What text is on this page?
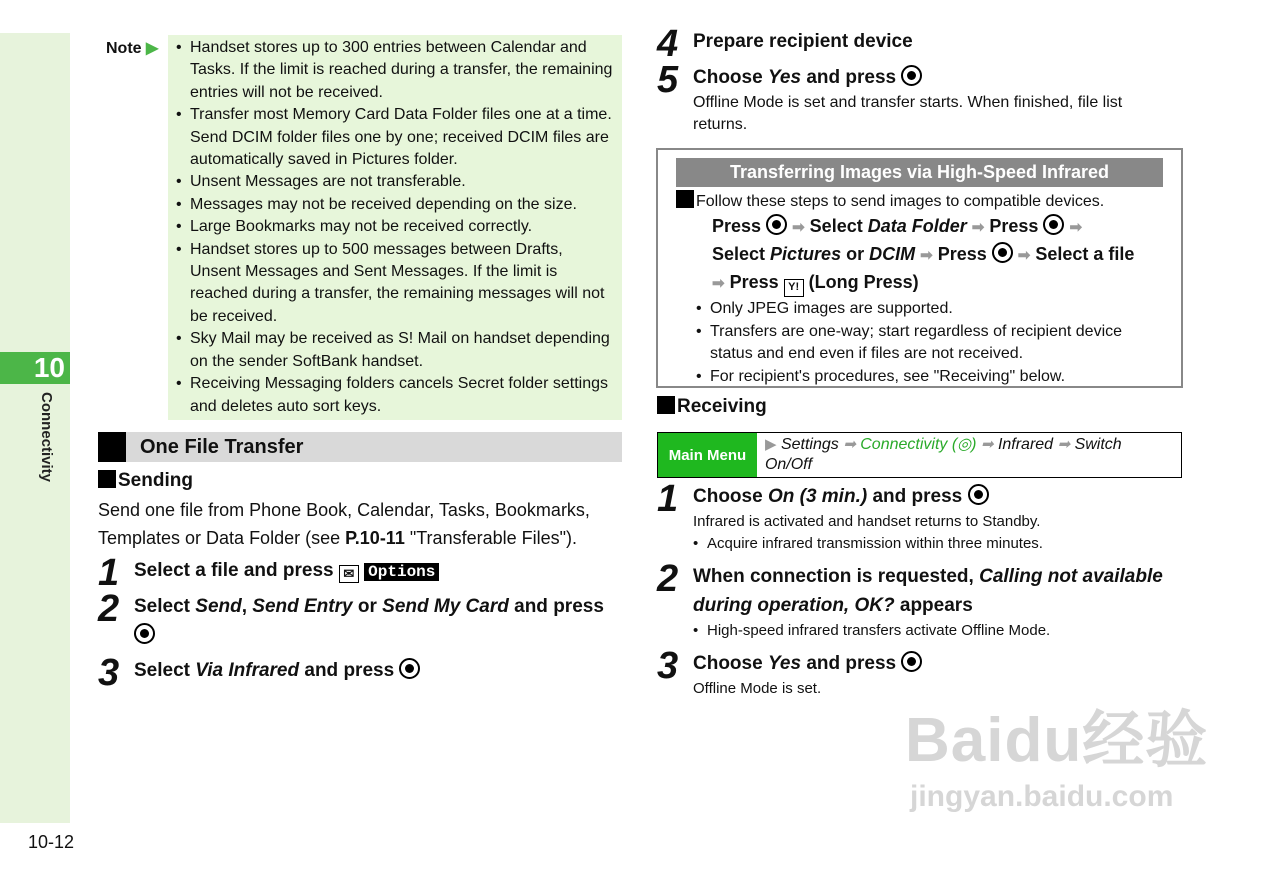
10
Connectivity
10-12
Note ▶	• Handset stores up to 300 entries between Calendar and Tasks. If the limit is reached during a transfer, the remaining entries will not be received.
• Transfer most Memory Card Data Folder files one at a time. Send DCIM folder files one by one; received DCIM files are automatically saved in Pictures folder.
• Unsent Messages are not transferable.
• Messages may not be received depending on the size.
• Large Bookmarks may not be received correctly.
• Handset stores up to 500 messages between Drafts, Unsent Messages and Sent Messages. If the limit is reached during a transfer, the remaining messages will not be received.
• Sky Mail may be received as S! Mail on handset depending on the sender SoftBank handset.
• Receiving Messaging folders cancels Secret folder settings and deletes auto sort keys.
One File Transfer
Sending
Send one file from Phone Book, Calendar, Tasks, Bookmarks, Templates or Data Folder (see P.10-11 "Transferable Files").
1 Select a file and press ✉ Options
2 Select Send, Send Entry or Send My Card and press
3 Select Via Infrared and press
4 Prepare recipient device
5 Choose Yes and press
Offline Mode is set and transfer starts. When finished, file list returns.
Transferring Images via High-Speed Infrared
Follow these steps to send images to compatible devices.
Press ➡ Select Data Folder ➡ Press ➡
Select Pictures or DCIM ➡ Press ➡ Select a file
➡ Press Y! (Long Press)
• Only JPEG images are supported.
• Transfers are one-way; start regardless of recipient device status and end even if files are not received.
• For recipient's procedures, see "Receiving" below.
Receiving
Main Menu
▶ Settings ➡ Connectivity (◎) ➡ Infrared ➡ Switch On/Off
1 Choose On (3 min.) and press
Infrared is activated and handset returns to Standby.
• Acquire infrared transmission within three minutes.
2 When connection is requested, Calling not available during operation, OK? appears
• High-speed infrared transfers activate Offline Mode.
3 Choose Yes and press
Offline Mode is set.
Baidu经验
jingyan.baidu.com
